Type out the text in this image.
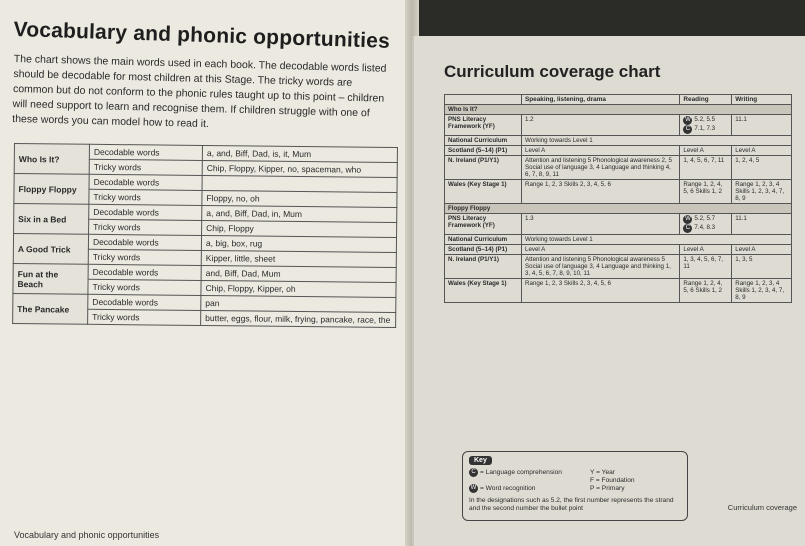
Vocabulary and phonic opportunities

The chart shows the main words used in each book. The decodable words listed should be decodable for most children at this Stage. The tricky words are common but do not conform to the phonic rules taught up to this point – children will need support to learn and recognise them. If children struggle with one of these words you can model how to read it.

Who Is It?	Decodable words	a, and, Biff, Dad, is, it, Mum
	Tricky words	Chip, Floppy, Kipper, no, spaceman, who
Floppy Floppy	Decodable words	
	Tricky words	Floppy, no, oh
Six in a Bed	Decodable words	a, and, Biff, Dad, in, Mum
	Tricky words	Chip, Floppy
A Good Trick	Decodable words	a, big, box, rug
	Tricky words	Kipper, little, sheet
Fun at the Beach	Decodable words	and, Biff, Dad, Mum
	Tricky words	Chip, Floppy, Kipper, oh
The Pancake	Decodable words	pan
	Tricky words	butter, eggs, flour, milk, frying, pancake, race, the
Vocabulary and phonic opportunities
Curriculum coverage chart
	Speaking, listening, drama	Reading	Writing
Who Is It?			
PNS Literacy Framework (YF)	1.2	W 5.2, 5.5
C 7.1, 7.3	11.1
National Curriculum	Working towards Level 1		
Scotland (5–14) (P1)	Level A	Level A	Level A
N. Ireland (P1/Y1)	Attention and listening 5 Phonological awareness 2, 5 Social use of language 3, 4 Language and thinking 4, 6, 7, 8, 9, 11	1, 4, 5, 6, 7, 11	1, 2, 4, 5
Wales (Key Stage 1)	Range 1, 2, 3 Skills 2, 3, 4, 5, 6	Range 1, 2, 4, 5, 6 Skills 1, 2	Range 1, 2, 3, 4 Skills 1, 2, 3, 4, 7, 8, 9
Floppy Floppy			
PNS Literacy Framework (YF)	1.3	W 5.2, 5.7
C 7.4, 8.3	11.1
National Curriculum	Working towards Level 1		
Scotland (5–14) (P1)	Level A	Level A	Level A
N. Ireland (P1/Y1)	Attention and listening 5 Phonological awareness 5 Social use of language 3, 4 Language and thinking 1, 3, 4, 5, 6, 7, 8, 9, 10, 11	1, 3, 4, 5, 6, 7, 11	1, 3, 5
Wales (Key Stage 1)	Range 1, 2, 3 Skills 2, 3, 4, 5, 6	Range 1, 2, 4, 5, 6 Skills 1, 2	Range 1, 2, 3, 4 Skills 1, 2, 3, 4, 7, 8, 9
Key
C = Language comprehension	Y = Year
F = Foundation
W = Word recognition	P = Primary
In the designations such as 5.2, the first number represents the strand and the second number the bullet point	Curriculum coverage
